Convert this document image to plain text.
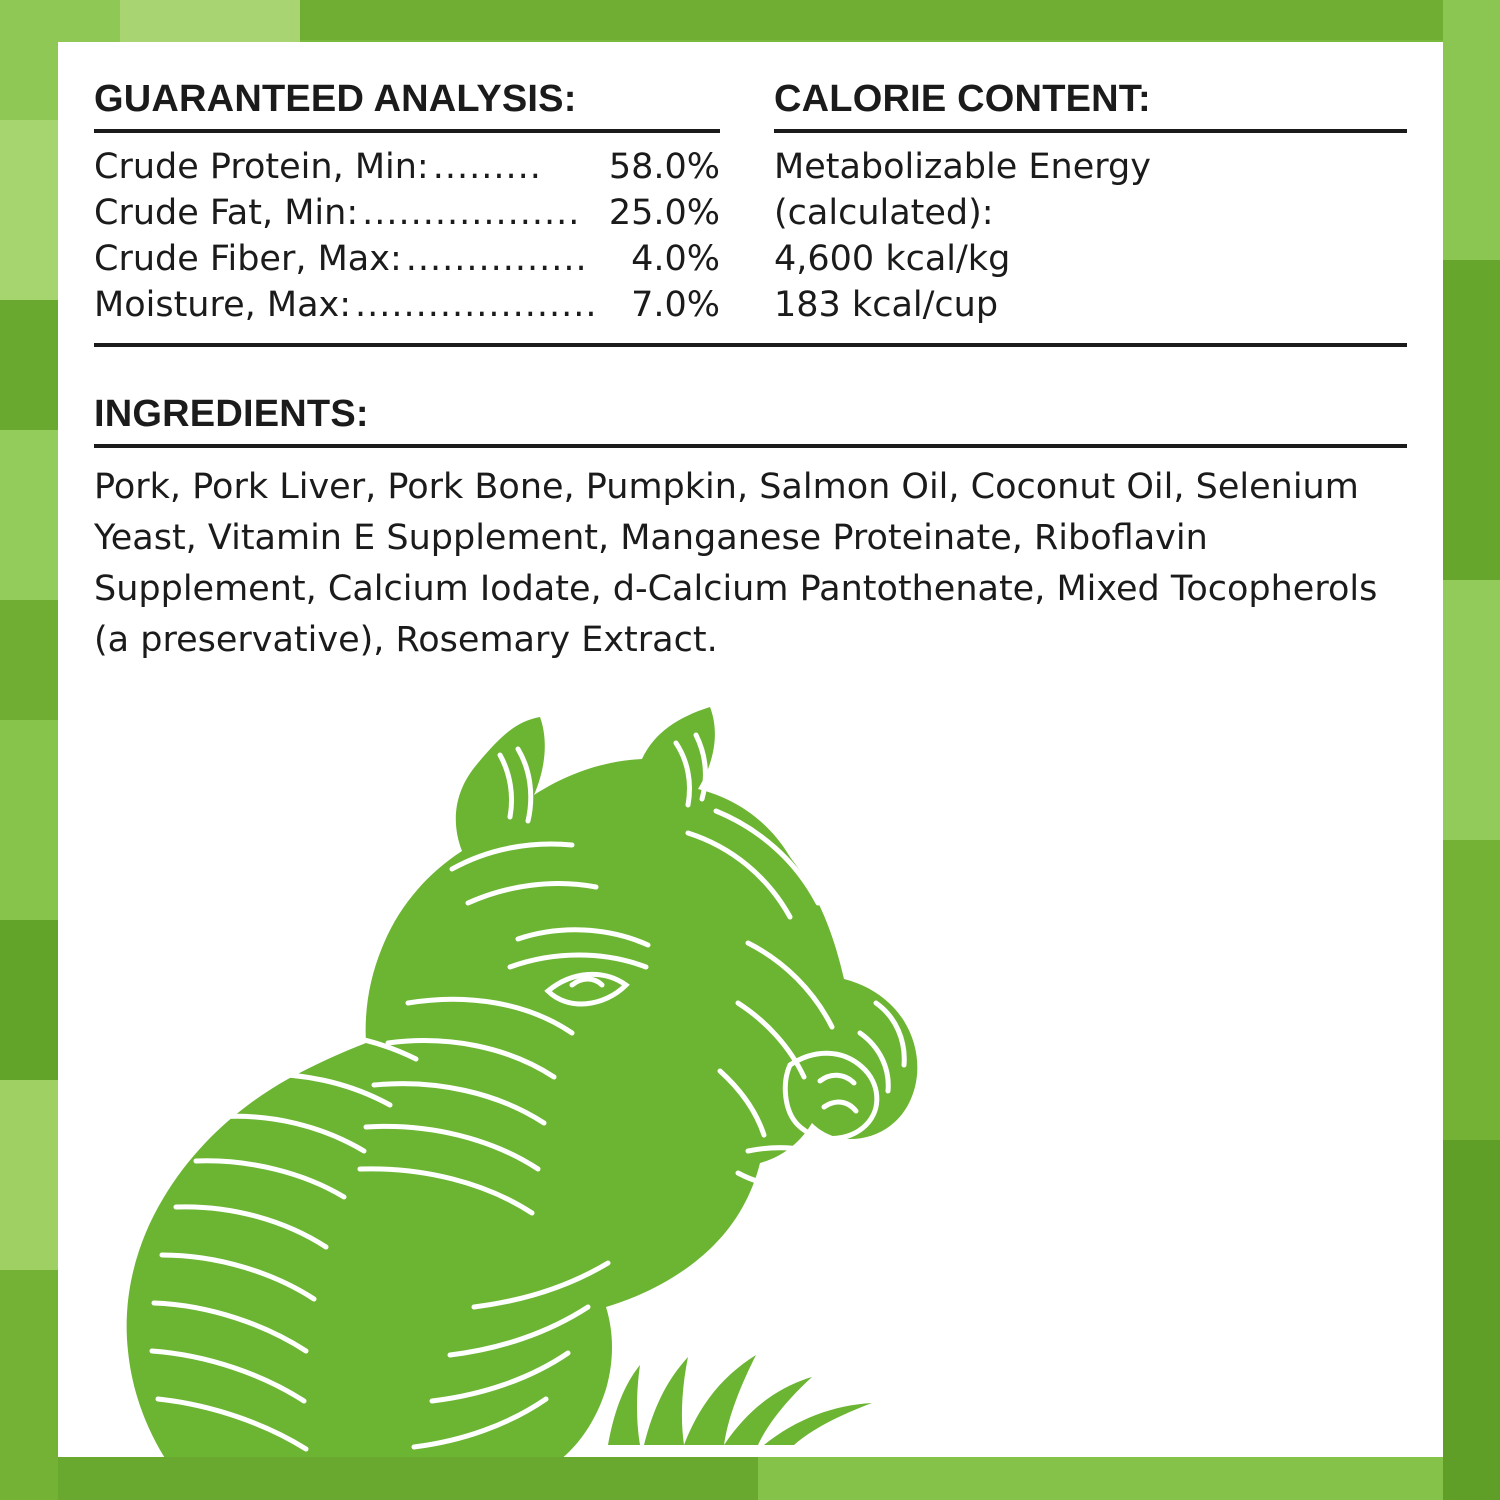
GUARANTEED ANALYSIS:
Crude Protein, Min: .........	58.0%
Crude Fat, Min: .................. 25.0%
Crude Fiber, Max: ...............	4.0%
Moisture, Max: .................... 7.0%
CALORIE CONTENT:
Metabolizable Energy
(calculated):
4,600 kcal/kg
183 kcal/cup
INGREDIENTS:
Pork, Pork Liver, Pork Bone, Pumpkin, Salmon Oil, Coconut Oil, Selenium Yeast, Vitamin E Supplement, Manganese Proteinate, Riboflavin Supplement, Calcium Iodate, d-Calcium Pantothenate, Mixed Tocopherols (a preservative), Rosemary Extract.
